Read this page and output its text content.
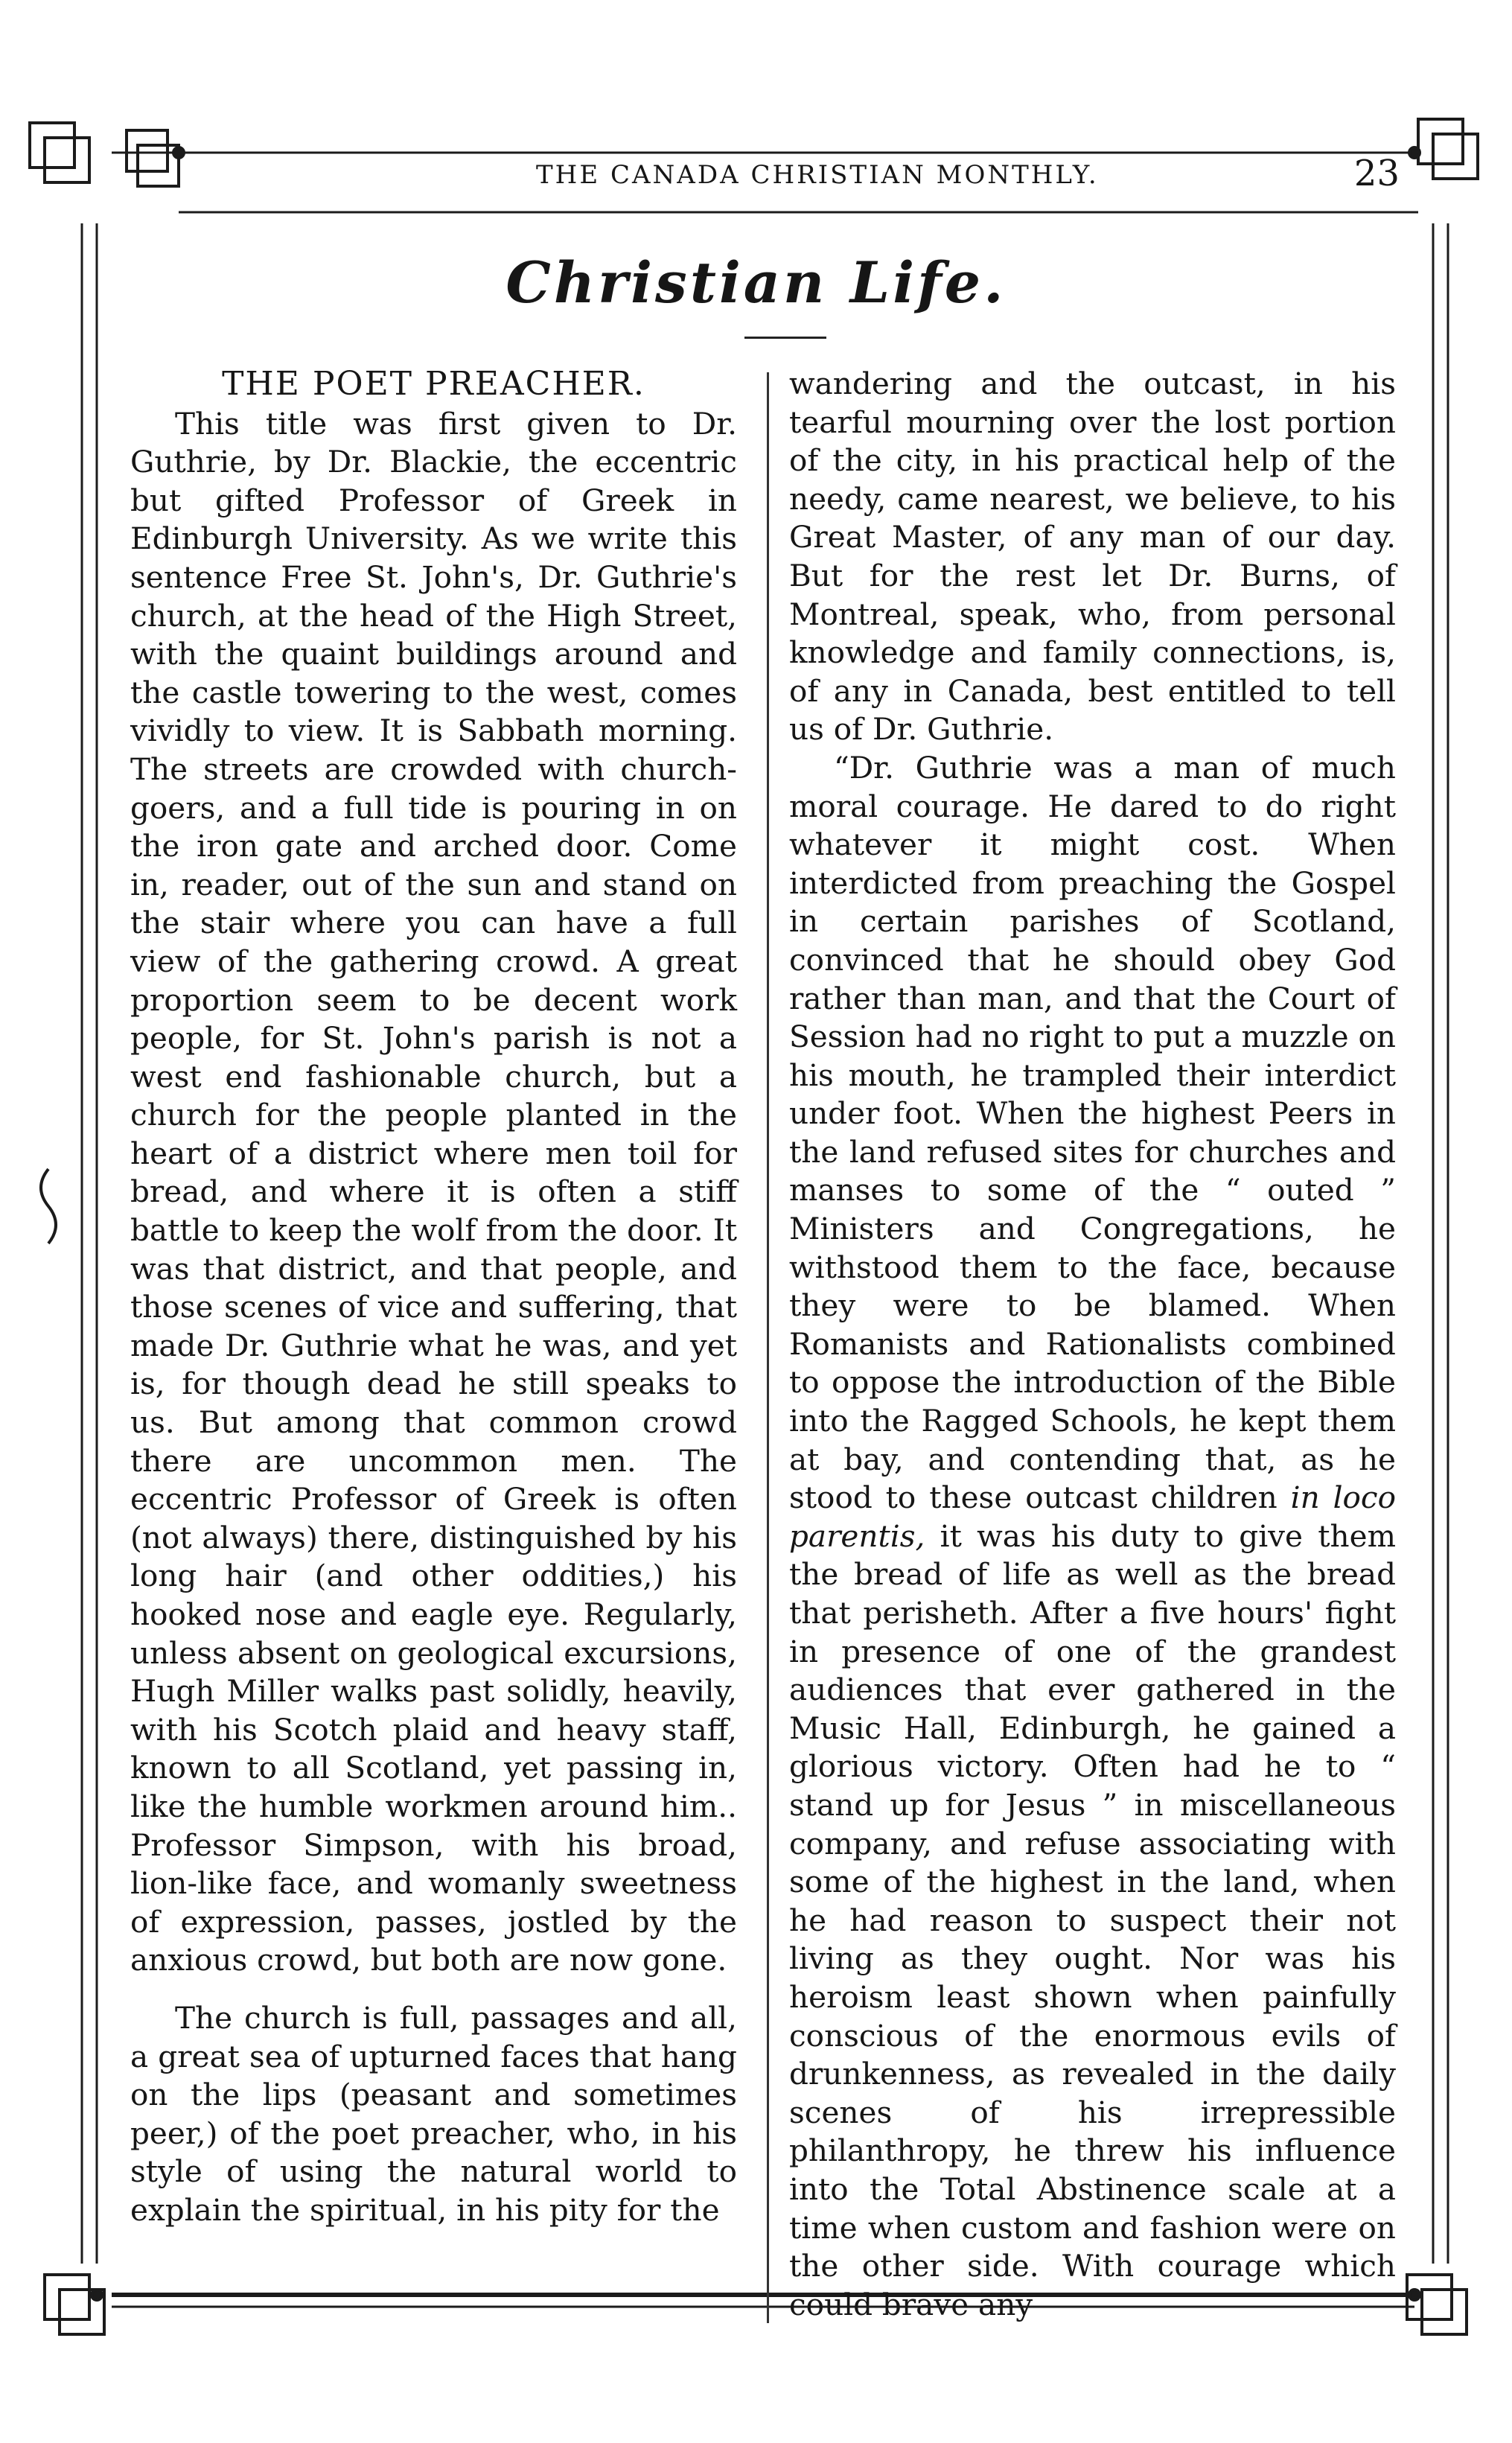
THE CANADA CHRISTIAN MONTHLY.	23
Christian Life.
THE POET PREACHER.

This title was first given to Dr. Guthrie, by Dr. Blackie, the eccentric but gifted Professor of Greek in Edinburgh University. As we write this sentence Free St. John's, Dr. Guthrie's church, at the head of the High Street, with the quaint buildings around and the castle towering to the west, comes vividly to view. It is Sabbath morning. The streets are crowded with church-goers, and a full tide is pouring in on the iron gate and arched door. Come in, reader, out of the sun and stand on the stair where you can have a full view of the gathering crowd. A great proportion seem to be decent work people, for St. John's parish is not a west end fashionable church, but a church for the people planted in the heart of a district where men toil for bread, and where it is often a stiff battle to keep the wolf from the door. It was that district, and that people, and those scenes of vice and suffering, that made Dr. Guthrie what he was, and yet is, for though dead he still speaks to us. But among that common crowd there are uncommon men. The eccentric Professor of Greek is often (not always) there, distinguished by his long hair (and other oddities,) his hooked nose and eagle eye. Regularly, unless absent on geological excursions, Hugh Miller walks past solidly, heavily, with his Scotch plaid and heavy staff, known to all Scotland, yet passing in, like the humble workmen around him.. Professor Simpson, with his broad, lion-like face, and womanly sweetness of expression, passes, jostled by the anxious crowd, but both are now gone.

The church is full, passages and all, a great sea of upturned faces that hang on the lips (peasant and sometimes peer,) of the poet preacher, who, in his style of using the natural world to explain the spiritual, in his pity for the

wandering and the outcast, in his tearful mourning over the lost portion of the city, in his practical help of the needy, came nearest, we believe, to his Great Master, of any man of our day. But for the rest let Dr. Burns, of Montreal, speak, who, from personal knowledge and family connections, is, of any in Canada, best entitled to tell us of Dr. Guthrie.

“Dr. Guthrie was a man of much moral courage. He dared to do right whatever it might cost. When interdicted from preaching the Gospel in certain parishes of Scotland, convinced that he should obey God rather than man, and that the Court of Session had no right to put a muzzle on his mouth, he trampled their interdict under foot. When the highest Peers in the land refused sites for churches and manses to some of the “ outed ” Ministers and Congregations, he withstood them to the face, because they were to be blamed. When Romanists and Rationalists combined to oppose the introduction of the Bible into the Ragged Schools, he kept them at bay, and contending that, as he stood to these outcast children in loco parentis, it was his duty to give them the bread of life as well as the bread that perisheth. After a five hours' fight in presence of one of the grandest audiences that ever gathered in the Music Hall, Edinburgh, he gained a glorious victory. Often had he to “ stand up for Jesus ” in miscellaneous company, and refuse associating with some of the highest in the land, when he had reason to suspect their not living as they ought. Nor was his heroism least shown when painfully conscious of the enormous evils of drunkenness, as revealed in the daily scenes of his irrepressible philanthropy, he threw his influence into the Total Abstinence scale at a time when custom and fashion were on the other side. With courage which could brave any
